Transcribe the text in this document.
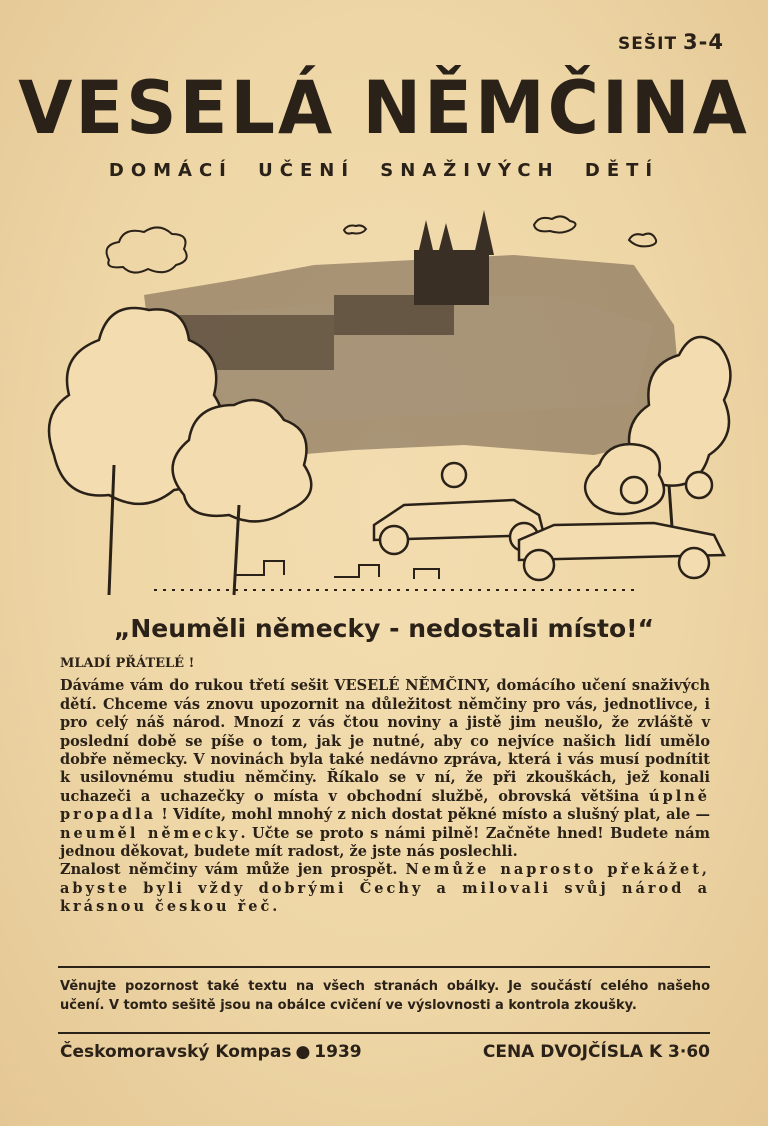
SEŠIT 3-4
VESELÁ NĚMČINA
DOMÁCÍ UČENÍ SNAŽIVÝCH DĚTÍ
„Neuměli německy - nedostali místo!“
MLADÍ PŘÁTELÉ !

Dáváme vám do rukou třetí sešit VESELÉ NĚMČINY, domácího učení snaživých dětí. Chceme vás znovu upozornit na důležitost němčiny pro vás, jednotlivce, i pro celý náš národ. Mnozí z vás čtou noviny a jistě jim neušlo, že zvláště v poslední době se píše o tom, jak je nutné, aby co nejvíce našich lidí umělo dobře německy. V novinách byla také nedávno zpráva, která i vás musí podnítit k usilovnému studiu němčiny. Říkalo se v ní, že při zkouškách, jež konali uchazeči a uchazečky o místa v obchodní službě, obrovská většina úplně propadla ! Vidíte, mohl mnohý z nich dostat pěkné místo a slušný plat, ale — neuměl německy. Učte se proto s námi pilně! Začněte hned! Budete nám jednou děkovat, budete mít radost, že jste nás poslechli.

Znalost němčiny vám může jen prospět. Nemůže naprosto překážet, abyste byli vždy dobrými Čechy a milovali svůj národ a krásnou českou řeč.

Věnujte pozornost také textu na všech stranách obálky. Je součástí celého našeho učení. V tomto sešitě jsou na obálce cvičení ve výslovnosti a kontrola zkoušky.
Českomoravský Kompas ● 1939	CENA DVOJČÍSLA K 3·60
